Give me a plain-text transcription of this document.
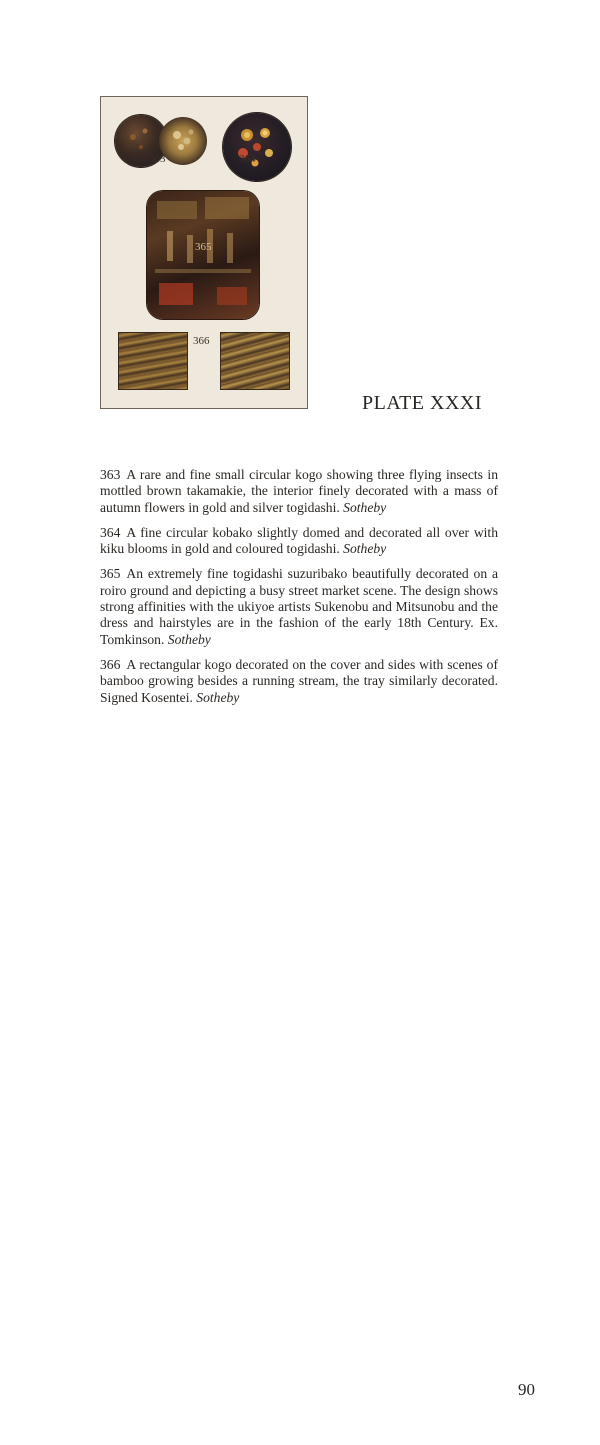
363	364
365
366
PLATE XXXI

363 A rare and fine small circular kogo showing three flying insects in mottled brown takamakie, the interior finely decorated with a mass of autumn flowers in gold and silver togidashi. Sotheby

364 A fine circular kobako slightly domed and decorated all over with kiku blooms in gold and coloured togidashi. Sotheby

365 An extremely fine togidashi suzuribako beautifully decorated on a roiro ground and depicting a busy street market scene. The design shows strong affinities with the ukiyoe artists Sukenobu and Mitsunobu and the dress and hairstyles are in the fashion of the early 18th Century. Ex. Tomkinson. Sotheby

366 A rectangular kogo decorated on the cover and sides with scenes of bamboo growing besides a running stream, the tray similarly decorated. Signed Kosentei. Sotheby

90
